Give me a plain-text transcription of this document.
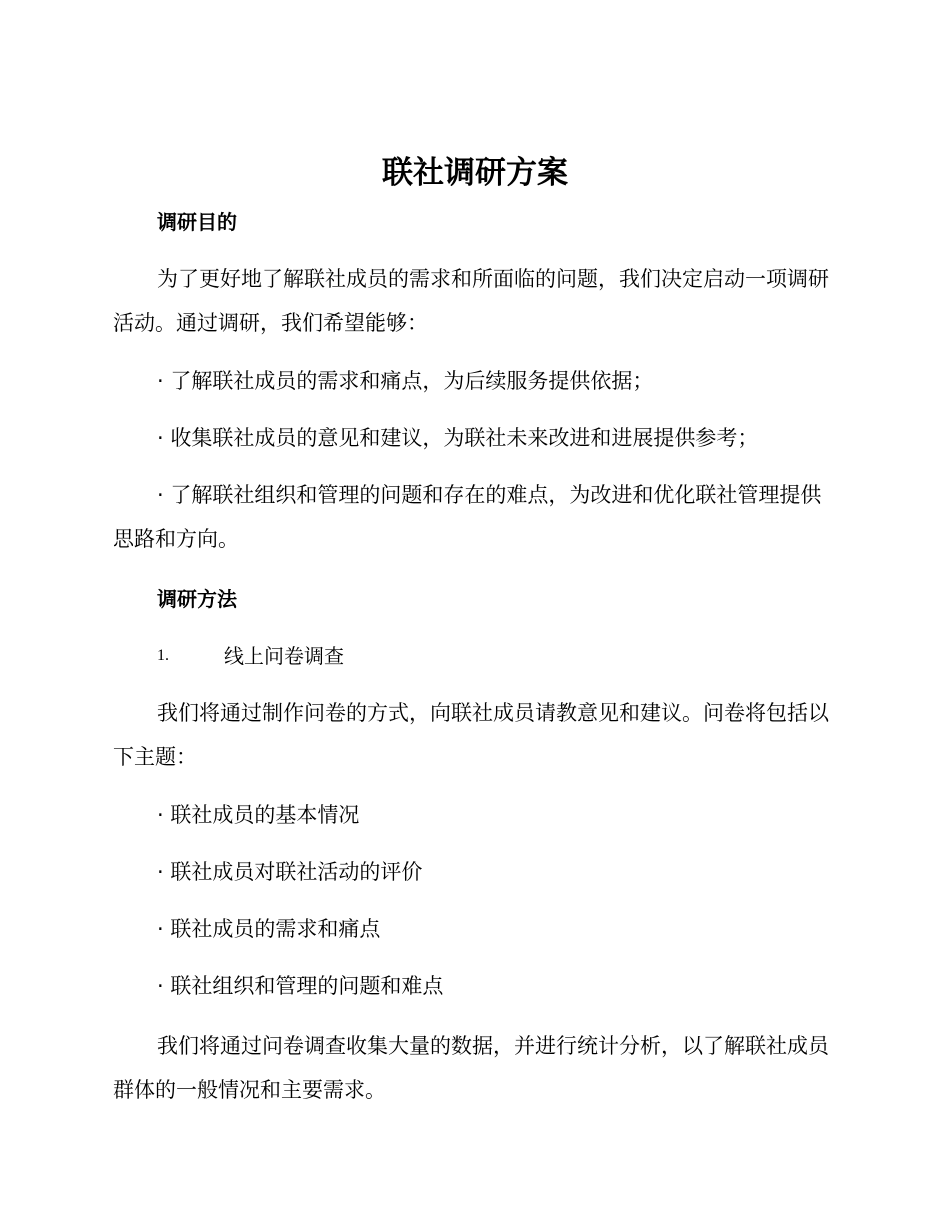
联社调研方案
调研目的

为了更好地了解联社成员的需求和所面临的问题，我们决定启动一项调研活动。通过调研，我们希望能够：

· 了解联社成员的需求和痛点，为后续服务提供依据；

· 收集联社成员的意见和建议，为联社未来改进和进展提供参考；

· 了解联社组织和管理的问题和存在的难点，为改进和优化联社管理提供思路和方向。

调研方法
1.	线上问卷调查

我们将通过制作问卷的方式，向联社成员请教意见和建议。问卷将包括以下主题：

· 联社成员的基本情况

· 联社成员对联社活动的评价

· 联社成员的需求和痛点

· 联社组织和管理的问题和难点

我们将通过问卷调查收集大量的数据，并进行统计分析，以了解联社成员群体的一般情况和主要需求。
